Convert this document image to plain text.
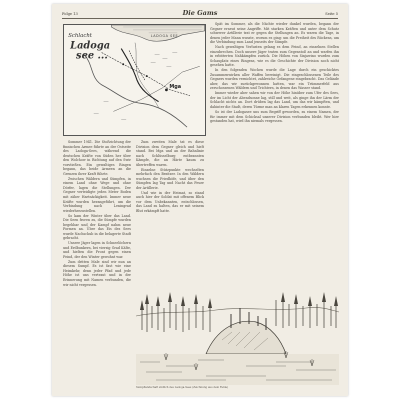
Folge 13	Die Gams	Seite 5
Schlacht
Ladoga
see ...
LADOGA SEE
Mga

Sommer 1941. Die Stoßrichtung der finnischen Armee führte an der Ostseite des Ladoga-Sees, während die deutschen Kräfte von Süden her über den Wolchow in Richtung auf den Swir vorstießen. Ein gewaltiges Ringen begann, das beide Armeen an die Grenzen ihrer Kraft führte.

Zwischen Wäldern und Sümpfen, in einem Land ohne Wege und ohne Dörfer, lagen die Stellungen. Der Gegner verteidigte jeden Meter Boden mit zäher Hartnäckigkeit. Immer neue Kräfte wurden herangeführt, um die Verbindung nach Leningrad wiederherzustellen.

So kam der Winter über das Land. Die Seen froren zu, die Sümpfe wurden begehbar und der Kampf nahm neue Formen an. Über das Eis des Sees wurde Nachschub in die belagerte Stadt gebracht.

Unsere Jäger lagen in Schneelöchern und Erdbunkern, bei vierzig Grad Kälte, und hielten die Front gegen einen Feind, der den Winter gewohnt war.

Zum dritten Male sind wir nun an diesem Sumpf. Es ist fast wie eine Heimkehr, denn jeder Pfad und jede Höhe ist uns vertraut und in der Erinnerung mit Namen verbunden, die wir nicht vergessen.

Zum zweiten Male tat es diese Division dem Gegner gleich und hielt stand. Bei Mga und an der Bahnlinie nach Schlüsselburg entbrannten Kämpfe, die an Härte kaum zu übertreffen waren.

Einzelne Stützpunkte wechselten mehrfach den Besitzer. In den Wäldern wuchsen die Friedhöfe, und über den Sümpfen lag Tag und Nacht das Feuer der Artillerie.

Und wie in der Heimat, so stand auch hier der Soldat mit offenem Blick vor dem Unbekannten, entschlossen, das Land zu halten, das er mit seinem Blut erkämpft hatte.

Spät im Sommer, als die Nächte wieder dunkel wurden, begann der Gegner erneut seine Angriffe. Mit starken Kräften und unter dem Schutz schwerer Artillerie trat er gegen die Stellungen an. Es waren die Tage, in denen jeder Mann wusste, worum es ging: um die Freiheit des Rückens, um die Verbindung zum Land jenseits der Sümpfe.

Nach gewaltigen Verlusten gelang es dem Feind, an einzelnen Stellen einzubrechen. Doch unsere Jäger traten zum Gegenstoß an und warfen ihn in erbitterten Nahkämpfen zurück. Die Höhen von Sinjawino wurden zum Schauplatz eines Ringens, wie es die Geschichte der Division noch nicht gesehen hatte.

In den folgenden Wochen wurde die Lage durch ein geschicktes Zusammenwirken aller Waffen bereinigt. Die eingeschlossenen Teile des Gegners wurden vernichtet, zahlreiche Gefangene eingebracht. Das Gelände aber, das wir zurückgewonnen hatten, war ein Trümmerfeld aus zerschossenen Wäldern und Trichtern, in denen das Wasser stand.

Immer wieder aber sahen wir von der Höhe hinüber zum Ufer des Sees, der im Licht der Abendsonne lag, still und weit, als ginge ihn der Lärm der Schlacht nichts an. Dort drüben lag das Land, um das wir kämpften, und dahinter die Stadt, deren Türme man an klaren Tagen erkennen konnte.

So ist der Ladogasee uns zum Begriff geworden, zu einem Namen, der für immer mit dem Schicksal unserer Division verbunden bleibt. Wer hier gestanden hat, wird ihn niemals vergessen.

Sumpflandschaft südlich des Ladoga-Sees (Zeichnung aus dem Felde)
